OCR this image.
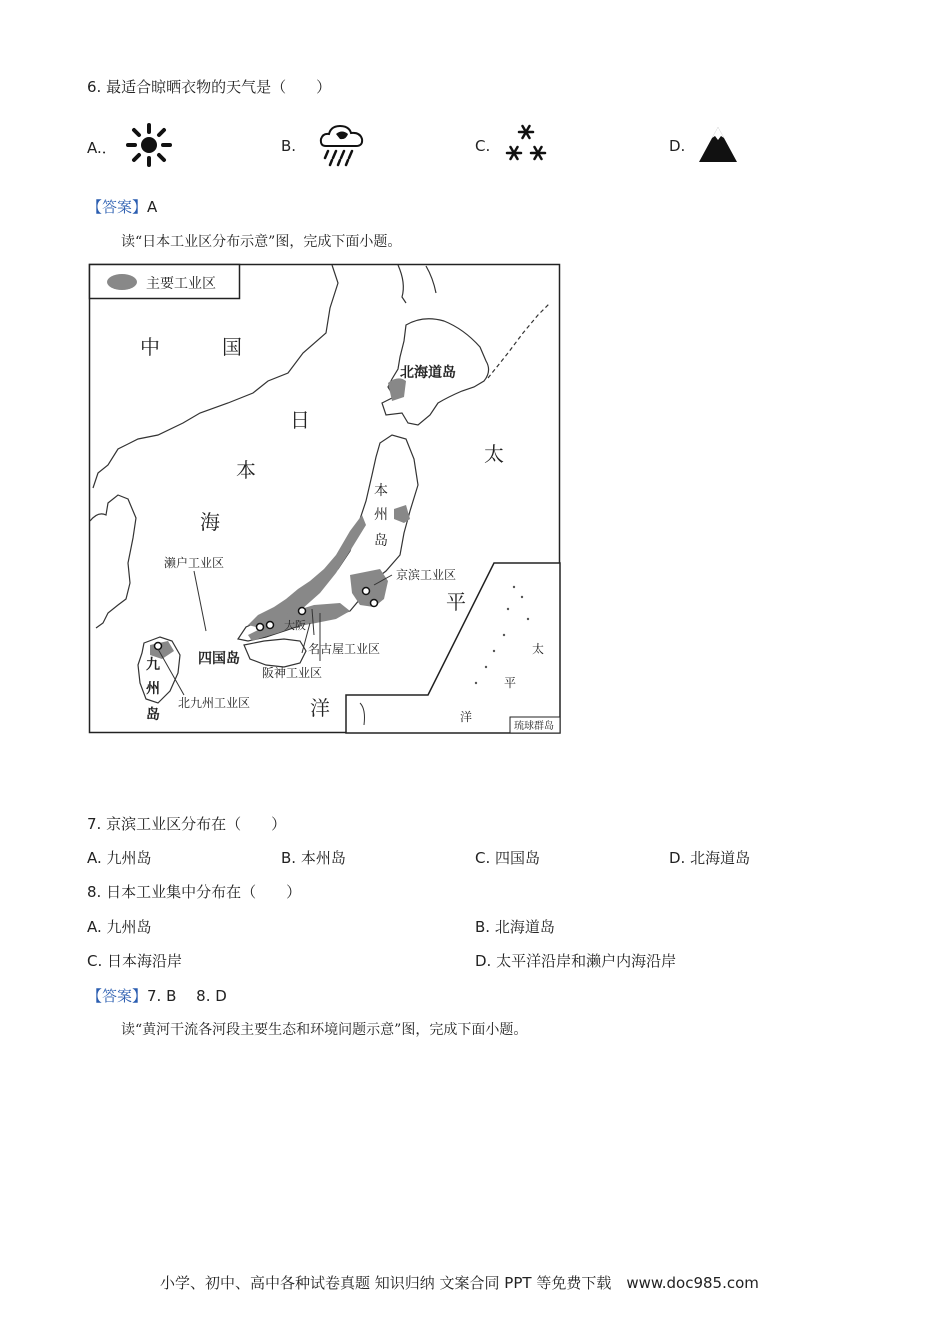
6. 最适合晾晒衣物的天气是（　　）
A.．	B.	C.	D.
【答案】A
读“日本工业区分布示意”图，完成下面小题。
主要工业区
中	国
日
本
海
太
平
洋
北海道岛
本
州
岛
京滨工业区
濑户工业区
名古屋工业区
阪神工业区
北九州工业区
大阪
四国岛
九
州
岛
太
平
洋
琉球群岛
7. 京滨工业区分布在（　　）
A. 九州岛	B. 本州岛	C. 四国岛	D. 北海道岛
8. 日本工业集中分布在（　　）
A. 九州岛	B. 北海道岛
C. 日本海沿岸	D. 太平洋沿岸和濑户内海沿岸
【答案】7. B　 8. D
读“黄河干流各河段主要生态和环境问题示意”图，完成下面小题。
小学、初中、高中各种试卷真题 知识归纳 文案合同 PPT 等免费下载　www.doc985.com
